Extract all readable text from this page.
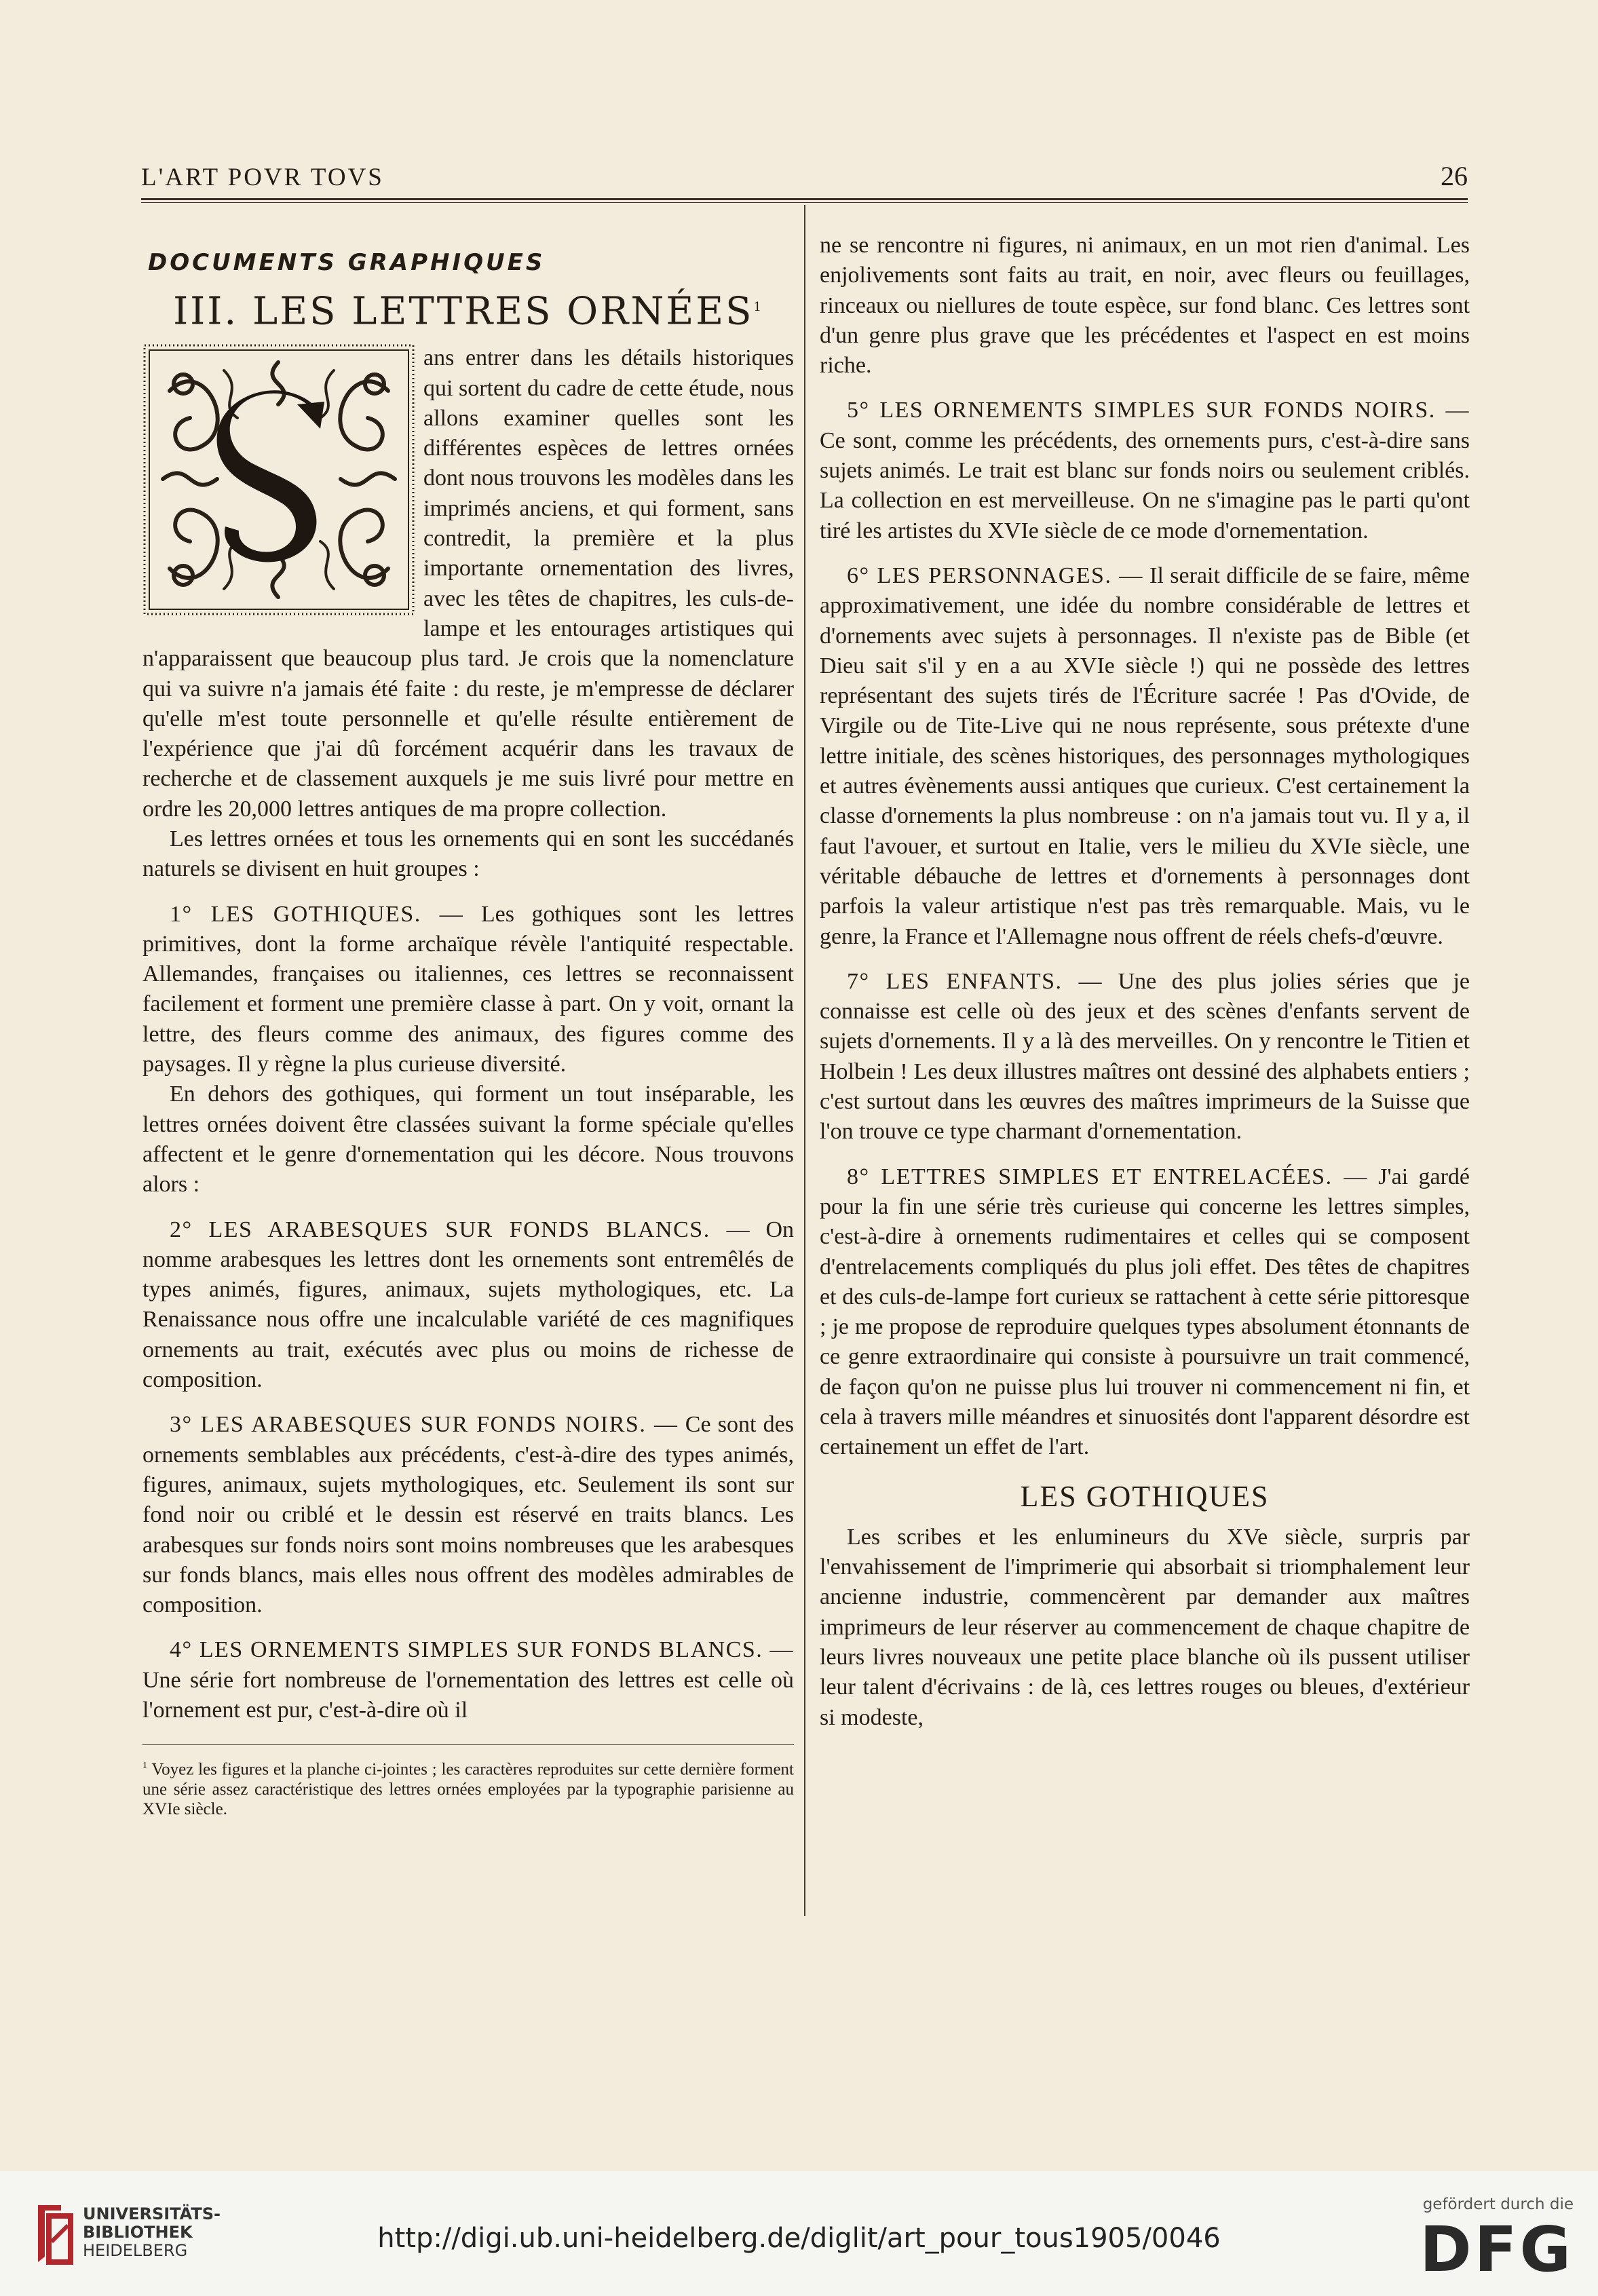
L'ART POVR TOVS	26
DOCUMENTS GRAPHIQUES
III. LES LETTRES ORNÉES$^1$

ans entrer dans les détails historiques qui sortent du cadre de cette étude, nous allons examiner quelles sont les différentes espèces de lettres ornées dont nous trouvons les modèles dans les imprimés anciens, et qui forment, sans contredit, la première et la plus importante ornementation des livres, avec les têtes de chapitres, les culs-de-lampe et les entourages artistiques qui n'apparaissent que beaucoup plus tard. Je crois que la nomenclature qui va suivre n'a jamais été faite : du reste, je m'empresse de déclarer qu'elle m'est toute personnelle et qu'elle résulte entièrement de l'expérience que j'ai dû forcément acquérir dans les travaux de recherche et de classement auxquels je me suis livré pour mettre en ordre les 20,000 lettres antiques de ma propre collection.

Les lettres ornées et tous les ornements qui en sont les succédanés naturels se divisent en huit groupes :

1° LES GOTHIQUES. — Les gothiques sont les lettres primitives, dont la forme archaïque révèle l'antiquité respectable. Allemandes, françaises ou italiennes, ces lettres se reconnaissent facilement et forment une première classe à part. On y voit, ornant la lettre, des fleurs comme des animaux, des figures comme des paysages. Il y règne la plus curieuse diversité.

En dehors des gothiques, qui forment un tout inséparable, les lettres ornées doivent être classées suivant la forme spéciale qu'elles affectent et le genre d'ornementation qui les décore. Nous trouvons alors :

2° LES ARABESQUES SUR FONDS BLANCS. — On nomme arabesques les lettres dont les ornements sont entremêlés de types animés, figures, animaux, sujets mythologiques, etc. La Renaissance nous offre une incalculable variété de ces magnifiques ornements au trait, exécutés avec plus ou moins de richesse de composition.

3° LES ARABESQUES SUR FONDS NOIRS. — Ce sont des ornements semblables aux précédents, c'est-à-dire des types animés, figures, animaux, sujets mythologiques, etc. Seulement ils sont sur fond noir ou criblé et le dessin est réservé en traits blancs. Les arabesques sur fonds noirs sont moins nombreuses que les arabesques sur fonds blancs, mais elles nous offrent des modèles admirables de composition.

4° LES ORNEMENTS SIMPLES SUR FONDS BLANCS. — Une série fort nombreuse de l'ornementation des lettres est celle où l'ornement est pur, c'est-à-dire où il

$^1$ Voyez les figures et la planche ci-jointes ; les caractères reproduites sur cette dernière forment une série assez caractéristique des lettres ornées employées par la typographie parisienne au XVIe siècle.

ne se rencontre ni figures, ni animaux, en un mot rien d'animal. Les enjolivements sont faits au trait, en noir, avec fleurs ou feuillages, rinceaux ou niellures de toute espèce, sur fond blanc. Ces lettres sont d'un genre plus grave que les précédentes et l'aspect en est moins riche.

5° LES ORNEMENTS SIMPLES SUR FONDS NOIRS. — Ce sont, comme les précédents, des ornements purs, c'est-à-dire sans sujets animés. Le trait est blanc sur fonds noirs ou seulement criblés. La collection en est merveilleuse. On ne s'imagine pas le parti qu'ont tiré les artistes du XVIe siècle de ce mode d'ornementation.

6° LES PERSONNAGES. — Il serait difficile de se faire, même approximativement, une idée du nombre considérable de lettres et d'ornements avec sujets à personnages. Il n'existe pas de Bible (et Dieu sait s'il y en a au XVIe siècle !) qui ne possède des lettres représentant des sujets tirés de l'Écriture sacrée ! Pas d'Ovide, de Virgile ou de Tite-Live qui ne nous représente, sous prétexte d'une lettre initiale, des scènes historiques, des personnages mythologiques et autres évènements aussi antiques que curieux. C'est certainement la classe d'ornements la plus nombreuse : on n'a jamais tout vu. Il y a, il faut l'avouer, et surtout en Italie, vers le milieu du XVIe siècle, une véritable débauche de lettres et d'ornements à personnages dont parfois la valeur artistique n'est pas très remarquable. Mais, vu le genre, la France et l'Allemagne nous offrent de réels chefs-d'œuvre.

7° LES ENFANTS. — Une des plus jolies séries que je connaisse est celle où des jeux et des scènes d'enfants servent de sujets d'ornements. Il y a là des merveilles. On y rencontre le Titien et Holbein ! Les deux illustres maîtres ont dessiné des alphabets entiers ; c'est surtout dans les œuvres des maîtres imprimeurs de la Suisse que l'on trouve ce type charmant d'ornementation.

8° LETTRES SIMPLES ET ENTRELACÉES. — J'ai gardé pour la fin une série très curieuse qui concerne les lettres simples, c'est-à-dire à ornements rudimentaires et celles qui se composent d'entrelacements compliqués du plus joli effet. Des têtes de chapitres et des culs-de-lampe fort curieux se rattachent à cette série pittoresque ; je me propose de reproduire quelques types absolument étonnants de ce genre extraordinaire qui consiste à poursuivre un trait commencé, de façon qu'on ne puisse plus lui trouver ni commencement ni fin, et cela à travers mille méandres et sinuosités dont l'apparent désordre est certainement un effet de l'art.

LES GOTHIQUES

Les scribes et les enlumineurs du XVe siècle, surpris par l'envahissement de l'imprimerie qui absorbait si triomphalement leur ancienne industrie, commencèrent par demander aux maîtres imprimeurs de leur réserver au commencement de chaque chapitre de leurs livres nouveaux une petite place blanche où ils pussent utiliser leur talent d'écrivains : de là, ces lettres rouges ou bleues, d'extérieur si modeste,

UNIVERSITÄTS-
BIBLIOTHEK
HEIDELBERG	http://digi.ub.uni-heidelberg.de/diglit/art_pour_tous1905/0046
gefördert durch die
DFG
